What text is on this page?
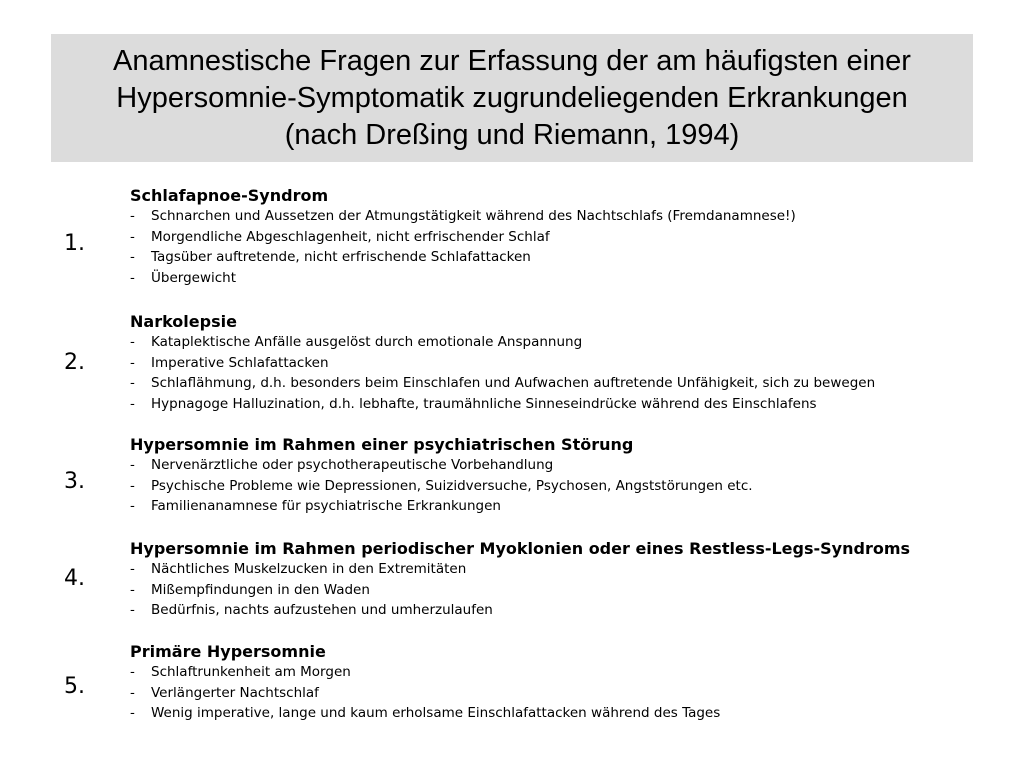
Anamnestische Fragen zur Erfassung der am häufigsten einer
Hypersomnie-Symptomatik zugrundeliegenden Erkrankungen
(nach Dreßing und Riemann, 1994)
1.
Schlafapnoe-Syndrom
- Schnarchen und Aussetzen der Atmungstätigkeit während des Nachtschlafs (Fremdanamnese!)
- Morgendliche Abgeschlagenheit, nicht erfrischender Schlaf
- Tagsüber auftretende, nicht erfrischende Schlafattacken
- Übergewicht
2.
Narkolepsie
- Kataplektische Anfälle ausgelöst durch emotionale Anspannung
- Imperative Schlafattacken
- Schlaflähmung, d.h. besonders beim Einschlafen und Aufwachen auftretende Unfähigkeit, sich zu bewegen
- Hypnagoge Halluzination, d.h. lebhafte, traumähnliche Sinneseindrücke während des Einschlafens
3.
Hypersomnie im Rahmen einer psychiatrischen Störung
- Nervenärztliche oder psychotherapeutische Vorbehandlung
- Psychische Probleme wie Depressionen, Suizidversuche, Psychosen, Angststörungen etc.
- Familienanamnese für psychiatrische Erkrankungen
4.
Hypersomnie im Rahmen periodischer Myoklonien oder eines Restless-Legs-Syndroms
- Nächtliches Muskelzucken in den Extremitäten
- Mißempfindungen in den Waden
- Bedürfnis, nachts aufzustehen und umherzulaufen
5.
Primäre Hypersomnie
- Schlaftrunkenheit am Morgen
- Verlängerter Nachtschlaf
- Wenig imperative, lange und kaum erholsame Einschlafattacken während des Tages
